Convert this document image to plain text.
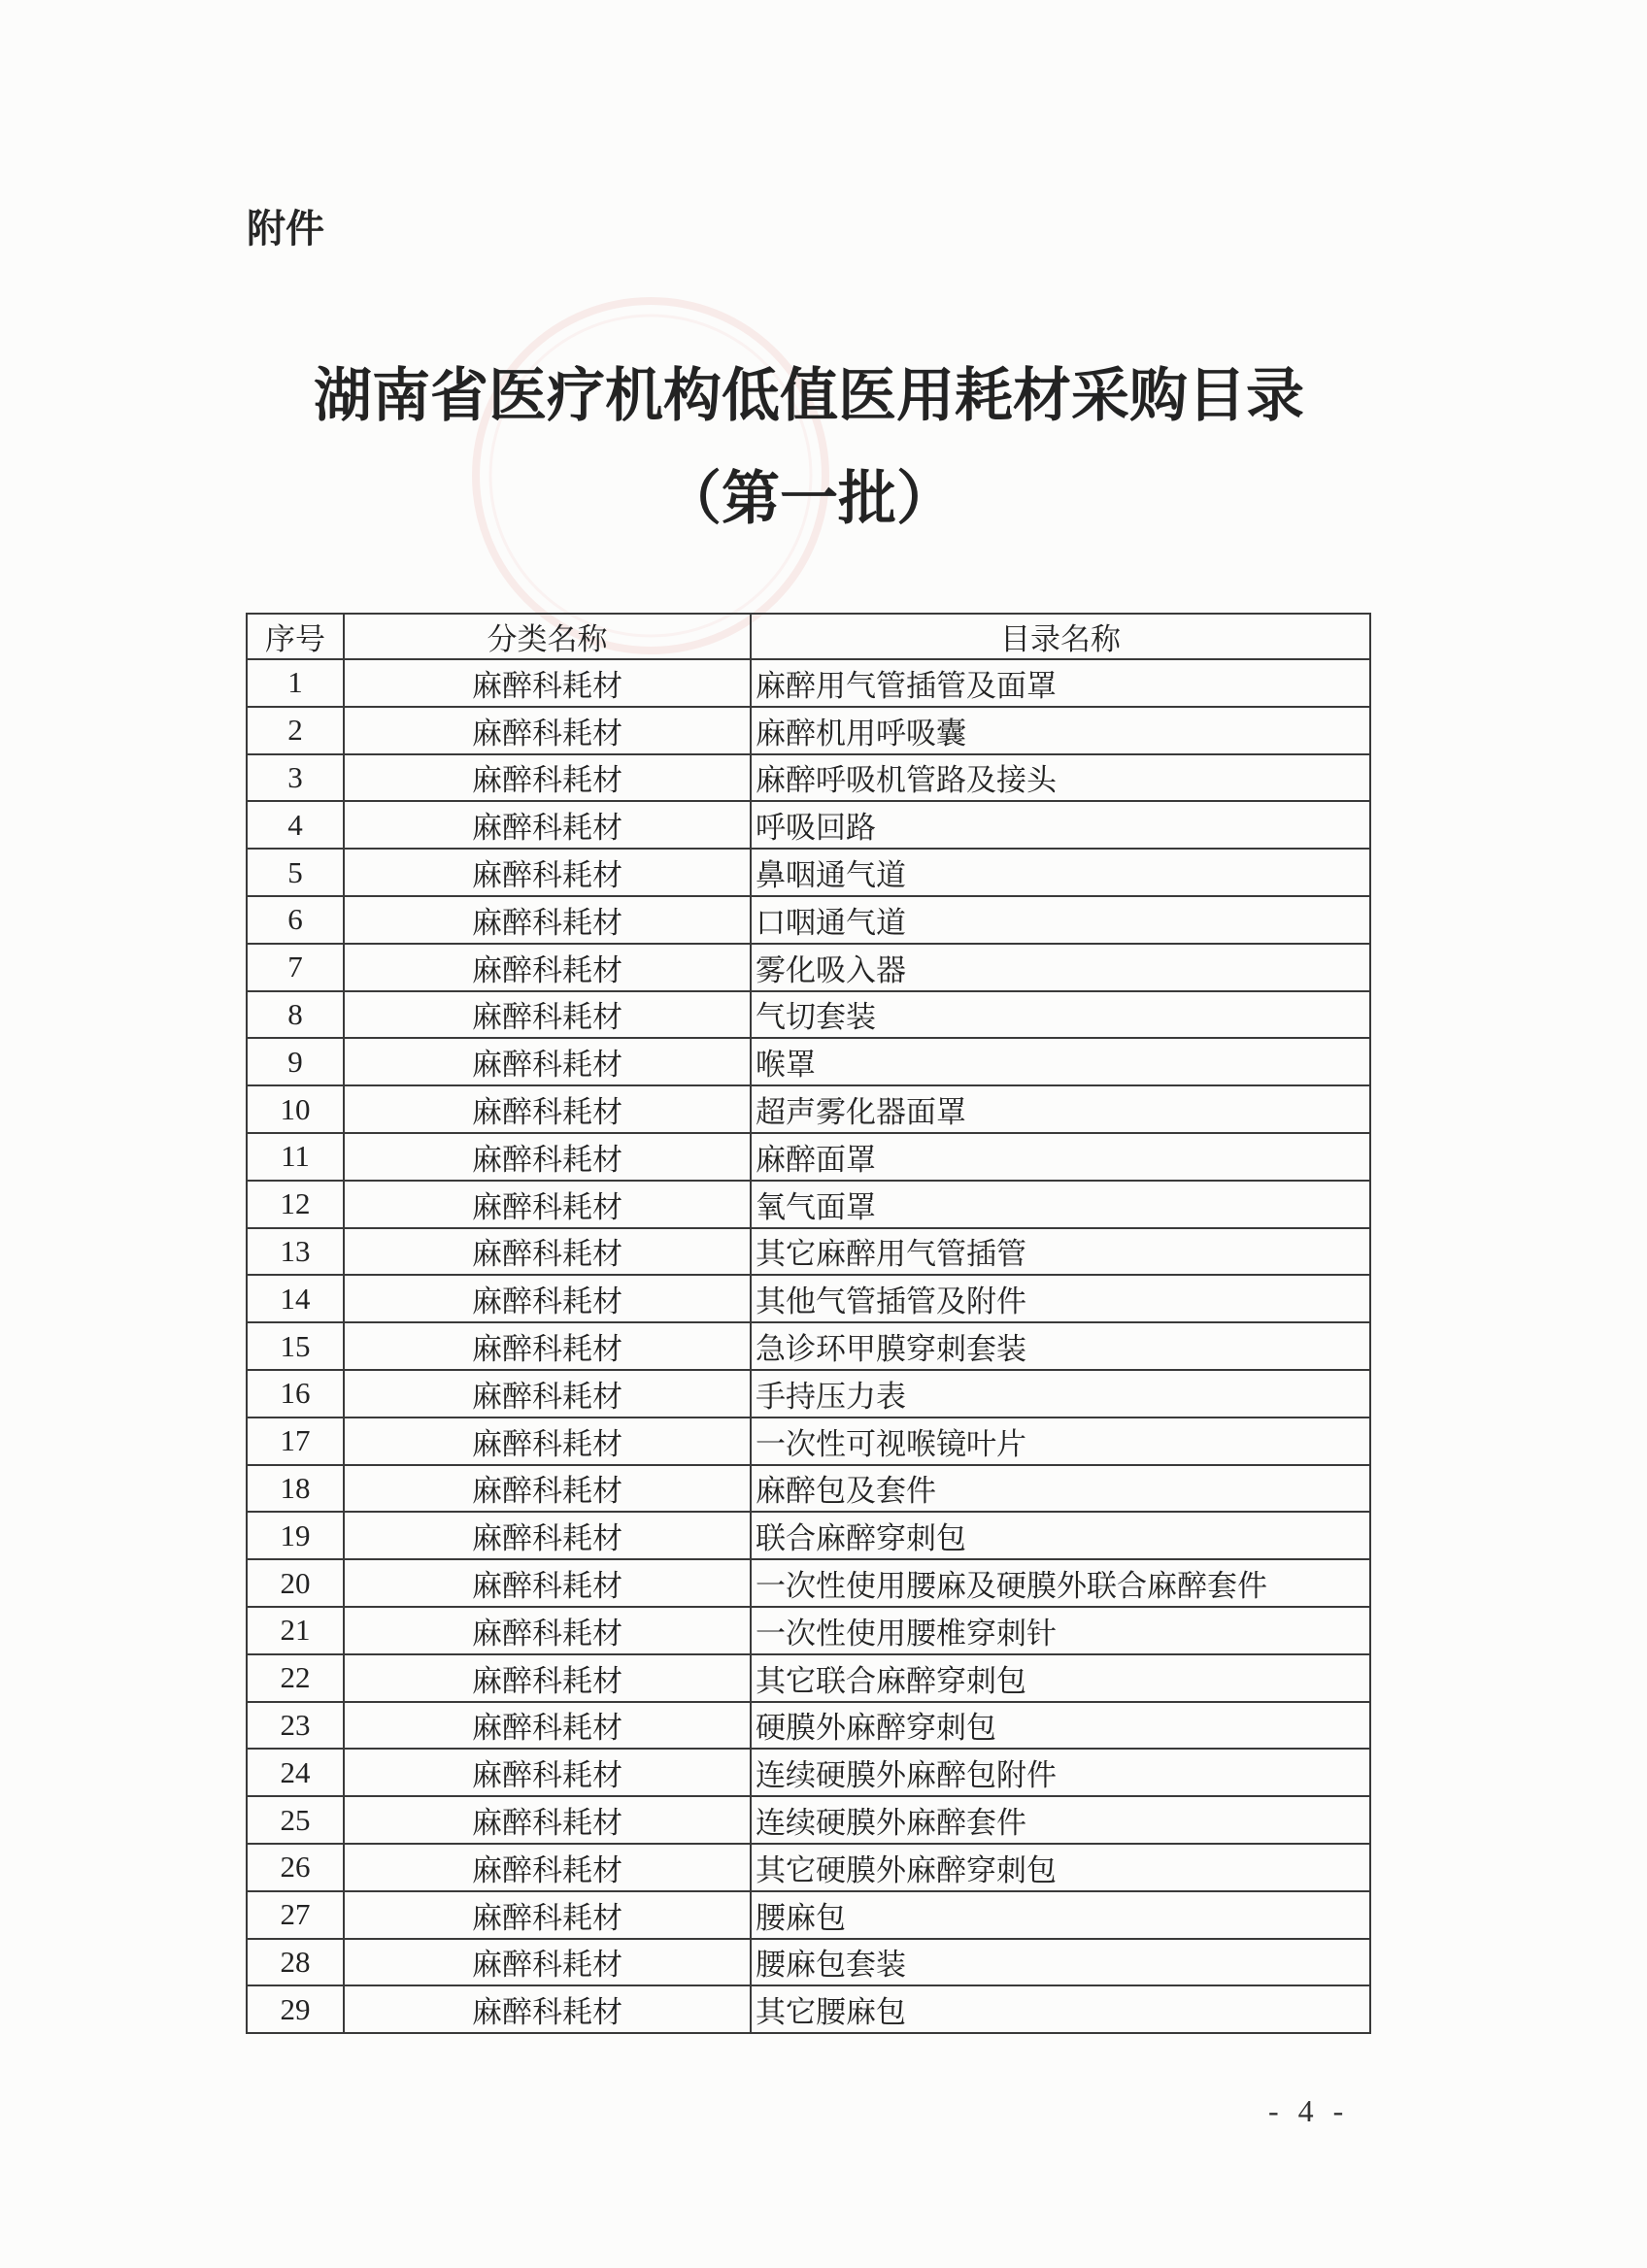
附件
湖南省医疗机构低值医用耗材采购目录
（第一批）
序号	分类名称	目录名称
1	麻醉科耗材	麻醉用气管插管及面罩
2	麻醉科耗材	麻醉机用呼吸囊
3	麻醉科耗材	麻醉呼吸机管路及接头
4	麻醉科耗材	呼吸回路
5	麻醉科耗材	鼻咽通气道
6	麻醉科耗材	口咽通气道
7	麻醉科耗材	雾化吸入器
8	麻醉科耗材	气切套装
9	麻醉科耗材	喉罩
10	麻醉科耗材	超声雾化器面罩
11	麻醉科耗材	麻醉面罩
12	麻醉科耗材	氧气面罩
13	麻醉科耗材	其它麻醉用气管插管
14	麻醉科耗材	其他气管插管及附件
15	麻醉科耗材	急诊环甲膜穿刺套装
16	麻醉科耗材	手持压力表
17	麻醉科耗材	一次性可视喉镜叶片
18	麻醉科耗材	麻醉包及套件
19	麻醉科耗材	联合麻醉穿刺包
20	麻醉科耗材	一次性使用腰麻及硬膜外联合麻醉套件
21	麻醉科耗材	一次性使用腰椎穿刺针
22	麻醉科耗材	其它联合麻醉穿刺包
23	麻醉科耗材	硬膜外麻醉穿刺包
24	麻醉科耗材	连续硬膜外麻醉包附件
25	麻醉科耗材	连续硬膜外麻醉套件
26	麻醉科耗材	其它硬膜外麻醉穿刺包
27	麻醉科耗材	腰麻包
28	麻醉科耗材	腰麻包套装
29	麻醉科耗材	其它腰麻包
- 4 -
